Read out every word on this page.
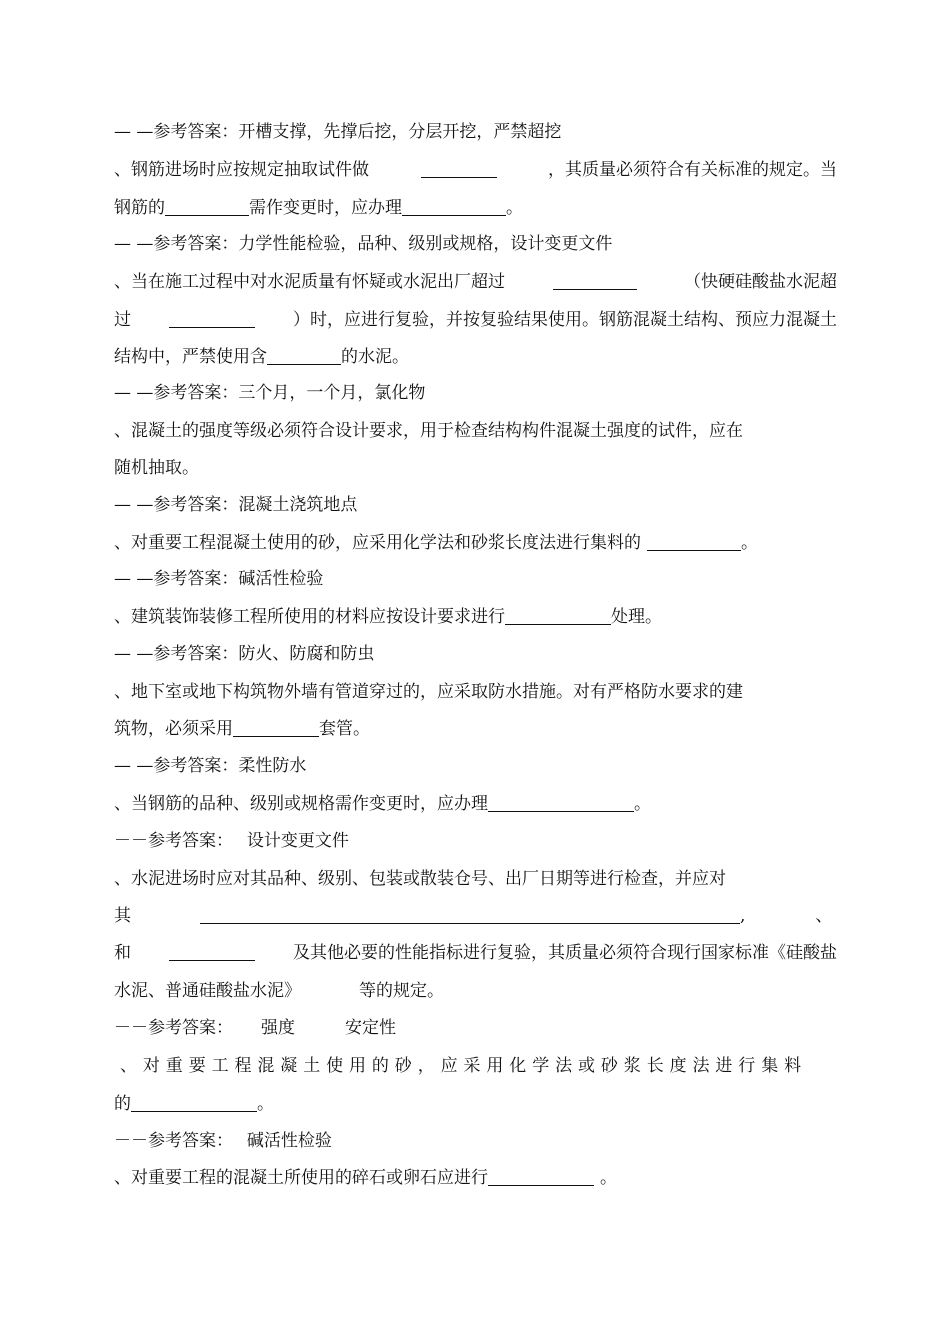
— —参考答案：开槽支撑，先撑后挖，分层开挖，严禁超挖
、钢筋进场时应按规定抽取试件做	，其质量必须符合有关标准的规定。当
钢筋的	需作变更时，应办理	。
— —参考答案：力学性能检验，品种、级别或规格，设计变更文件
、当在施工过程中对水泥质量有怀疑或水泥出厂超过	（快硬硅酸盐水泥超
过	）时，应进行复验，并按复验结果使用。钢筋混凝土结构、预应力混凝土
结构中，严禁使用含	的水泥。
— —参考答案：三个月，一个月，氯化物
、混凝土的强度等级必须符合设计要求，用于检查结构构件混凝土强度的试件，应在
随机抽取。
— —参考答案：混凝土浇筑地点
、对重要工程混凝土使用的砂，应采用化学法和砂浆长度法进行集料的	。
— —参考答案：碱活性检验
、建筑装饰装修工程所使用的材料应按设计要求进行	处理。
— —参考答案：防火、防腐和防虫
、地下室或地下构筑物外墙有管道穿过的，应采取防水措施。对有严格防水要求的建
筑物，必须采用	套管。
— —参考答案：柔性防水
、当钢筋的品种、级别或规格需作变更时，应办理	。
－－参考答案：　 设计变更文件
、水泥进场时应对其品种、级别、包装或散装仓号、出厂日期等进行检查，并应对
其	,	、
和	及其他必要的性能指标进行复验，其质量必须符合现行国家标准《硅酸盐
水泥、普通硅酸盐水泥》	等的规定。
－－参考答案： 强度	安定性
、对重要工程混凝土使用的砂，应采用化学法或砂浆长度法进行集料
的	。
－－参考答案：　 碱活性检验
、对重要工程的混凝土所使用的碎石或卵石应进行	。
